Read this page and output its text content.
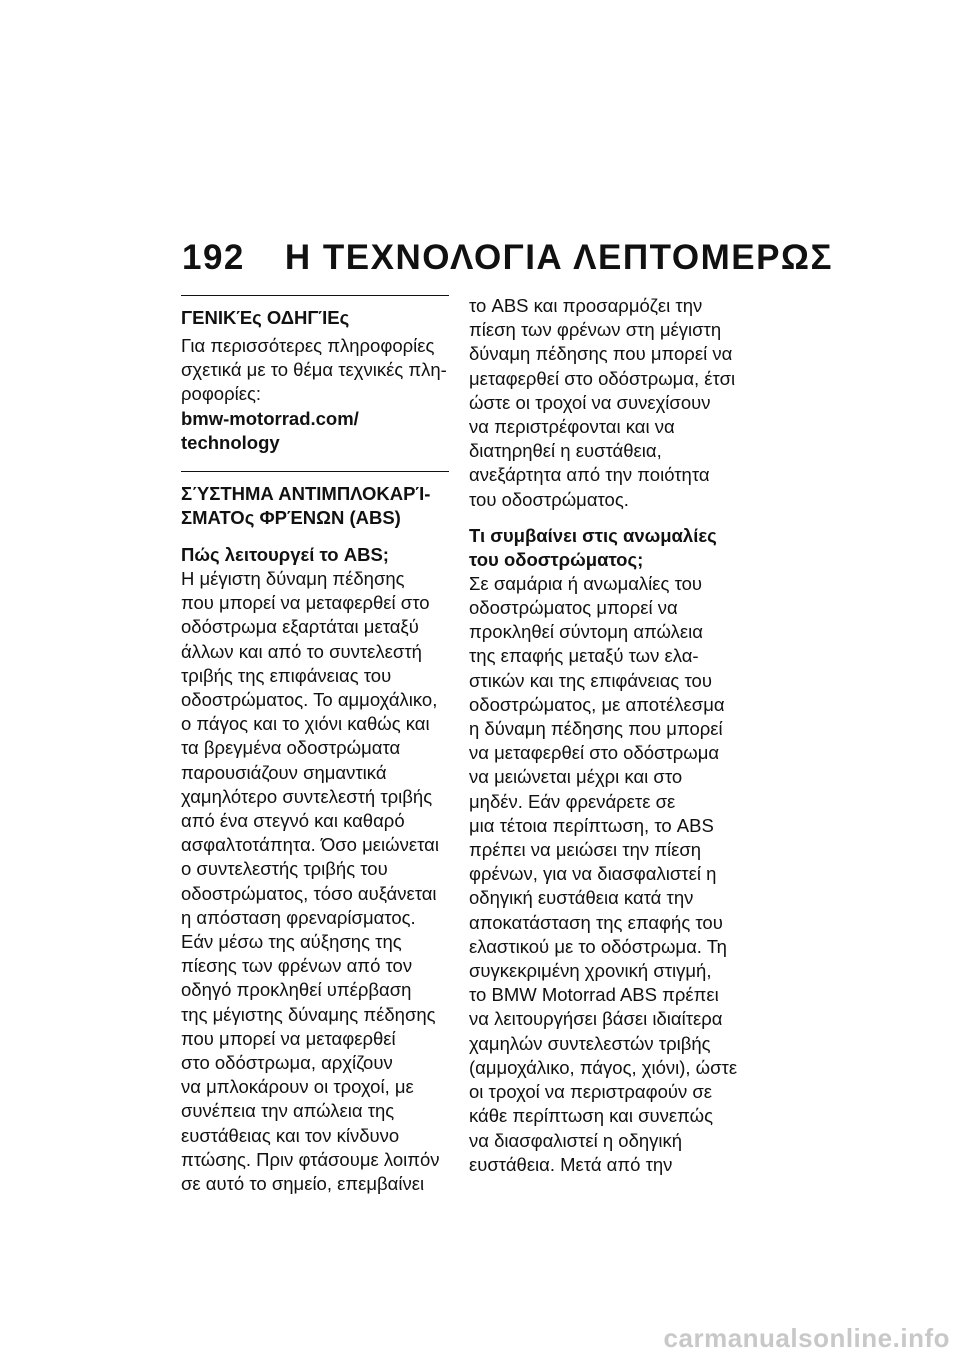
192 Η ΤΕΧΝΟΛΟΓΙΑ ΛΕΠΤΟΜΕΡΩΣ
ΓΕΝΙΚΈς ΟΔΗΓΊΕς
Για περισσότερες πληροφορίες
σχετικά με το θέμα τεχνικές πλη-
ροφορίες:
bmw-motorrad.com/
technology
ΣΎΣΤΗΜΑ ΑΝΤΙΜΠΛΟΚΑΡΊ-
ΣΜΑΤΟς ΦΡΈΝΩΝ (ABS)
Πώς λειτουργεί το ABS;
Η μέγιστη δύναμη πέδησης
που μπορεί να μεταφερθεί στο
οδόστρωμα εξαρτάται μεταξύ
άλλων και από το συντελεστή
τριβής της επιφάνειας του
οδοστρώματος. Το αμμοχάλικο,
ο πάγος και το χιόνι καθώς και
τα βρεγμένα οδοστρώματα
παρουσιάζουν σημαντικά
χαμηλότερο συντελεστή τριβής
από ένα στεγνό και καθαρό
ασφαλτοτάπητα. Όσο μειώνεται
ο συντελεστής τριβής του
οδοστρώματος, τόσο αυξάνεται
η απόσταση φρεναρίσματος.
Εάν μέσω της αύξησης της
πίεσης των φρένων από τον
οδηγό προκληθεί υπέρβαση
της μέγιστης δύναμης πέδησης
που μπορεί να μεταφερθεί
στο οδόστρωμα, αρχίζουν
να μπλοκάρουν οι τροχοί, με
συνέπεια την απώλεια της
ευστάθειας και τον κίνδυνο
πτώσης. Πριν φτάσουμε λοιπόν
σε αυτό το σημείο, επεμβαίνει
το ABS και προσαρμόζει την
πίεση των φρένων στη μέγιστη
δύναμη πέδησης που μπορεί να
μεταφερθεί στο οδόστρωμα, έτσι
ώστε οι τροχοί να συνεχίσουν
να περιστρέφονται και να
διατηρηθεί η ευστάθεια,
ανεξάρτητα από την ποιότητα
του οδοστρώματος.
Τι συμβαίνει στις ανωμαλίες
του οδοστρώματος;
Σε σαμάρια ή ανωμαλίες του
οδοστρώματος μπορεί να
προκληθεί σύντομη απώλεια
της επαφής μεταξύ των ελα-
στικών και της επιφάνειας του
οδοστρώματος, με αποτέλεσμα
η δύναμη πέδησης που μπορεί
να μεταφερθεί στο οδόστρωμα
να μειώνεται μέχρι και στο
μηδέν. Εάν φρενάρετε σε
μια τέτοια περίπτωση, το ABS
πρέπει να μειώσει την πίεση
φρένων, για να διασφαλιστεί η
οδηγική ευστάθεια κατά την
αποκατάσταση της επαφής του
ελαστικού με το οδόστρωμα. Τη
συγκεκριμένη χρονική στιγμή,
το BMW Motorrad ABS πρέπει
να λειτουργήσει βάσει ιδιαίτερα
χαμηλών συντελεστών τριβής
(αμμοχάλικο, πάγος, χιόνι), ώστε
οι τροχοί να περιστραφούν σε
κάθε περίπτωση και συνεπώς
να διασφαλιστεί η οδηγική
ευστάθεια. Μετά από την
carmanualsonline.info
